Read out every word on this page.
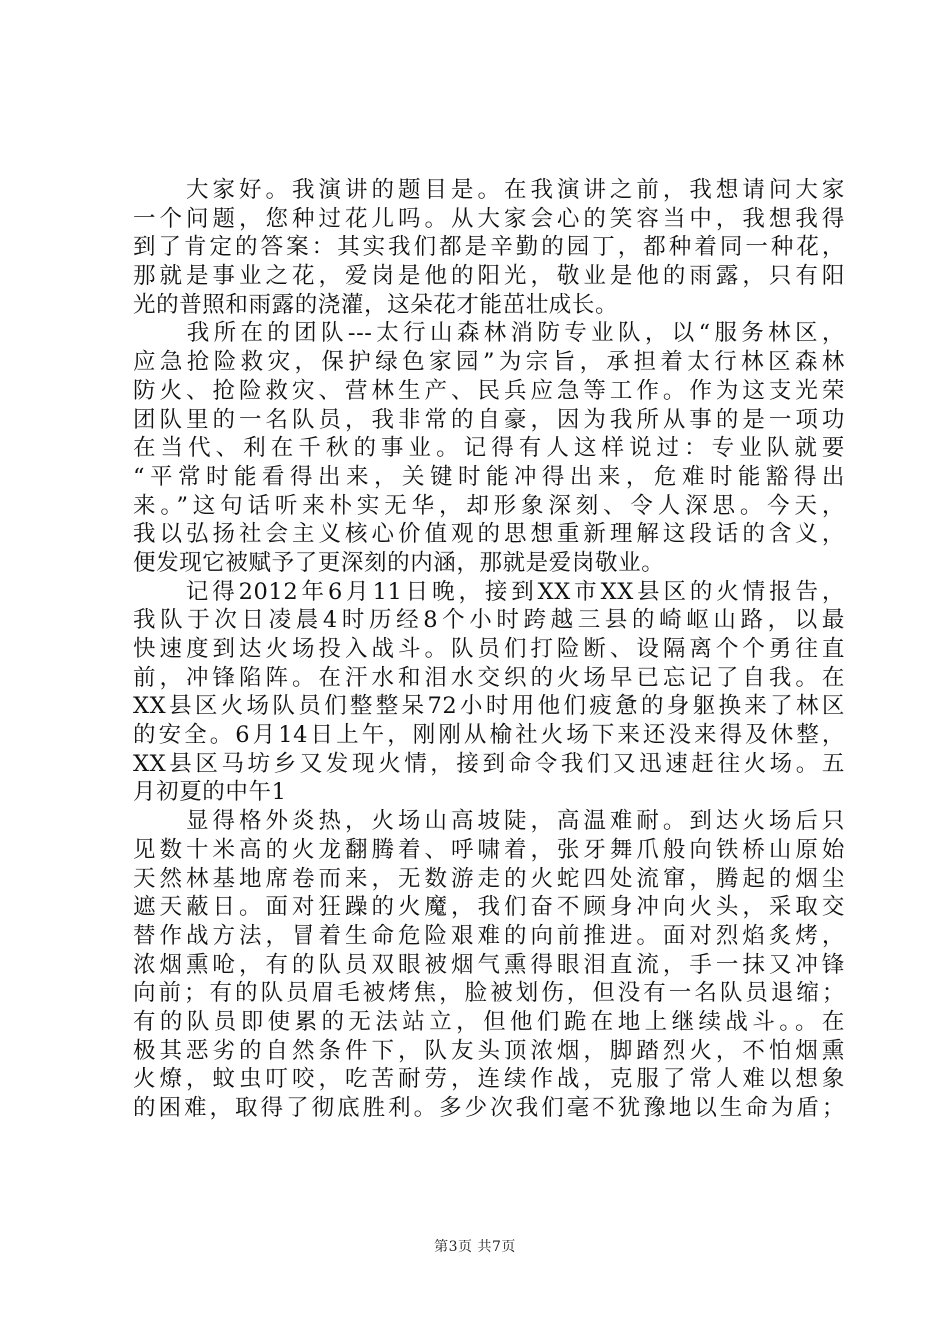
　　大家好。我演讲的题目是。在我演讲之前，我想请问大家
一个问题，您种过花儿吗。从大家会心的笑容当中，我想我得
到了肯定的答案：其实我们都是辛勤的园丁，都种着同一种花，
那就是事业之花，爱岗是他的阳光，敬业是他的雨露，只有阳
光的普照和雨露的浇灌，这朵花才能茁壮成长。
　　我所在的团队---太行山森林消防专业队，以“服务林区，
应急抢险救灾，保护绿色家园”为宗旨，承担着太行林区森林
防火、抢险救灾、营林生产、民兵应急等工作。作为这支光荣
团队里的一名队员，我非常的自豪，因为我所从事的是一项功
在当代、利在千秋的事业。记得有人这样说过：专业队就要
“平常时能看得出来，关键时能冲得出来，危难时能豁得出
来。”这句话听来朴实无华，却形象深刻、令人深思。今天，
我以弘扬社会主义核心价值观的思想重新理解这段话的含义，
便发现它被赋予了更深刻的内涵，那就是爱岗敬业。
　　记得2012年6月11日晚，接到XX市XX县区的火情报告，
我队于次日凌晨4时历经8个小时跨越三县的崎岖山路，以最
快速度到达火场投入战斗。队员们打险断、设隔离个个勇往直
前，冲锋陷阵。在汗水和泪水交织的火场早已忘记了自我。在
XX县区火场队员们整整呆72小时用他们疲惫的身躯换来了林区
的安全。6月14日上午，刚刚从榆社火场下来还没来得及休整，
XX县区马坊乡又发现火情，接到命令我们又迅速赶往火场。五
月初夏的中午1
　　显得格外炎热，火场山高坡陡，高温难耐。到达火场后只
见数十米高的火龙翻腾着、呼啸着，张牙舞爪般向铁桥山原始
天然林基地席卷而来，无数游走的火蛇四处流窜，腾起的烟尘
遮天蔽日。面对狂躁的火魔，我们奋不顾身冲向火头，采取交
替作战方法，冒着生命危险艰难的向前推进。面对烈焰炙烤，
浓烟熏呛，有的队员双眼被烟气熏得眼泪直流，手一抹又冲锋
向前；有的队员眉毛被烤焦，脸被划伤，但没有一名队员退缩；
有的队员即使累的无法站立，但他们跪在地上继续战斗。。在
极其恶劣的自然条件下，队友头顶浓烟，脚踏烈火，不怕烟熏
火燎，蚊虫叮咬，吃苦耐劳，连续作战，克服了常人难以想象
的困难，取得了彻底胜利。多少次我们毫不犹豫地以生命为盾；
第3页 共7页
